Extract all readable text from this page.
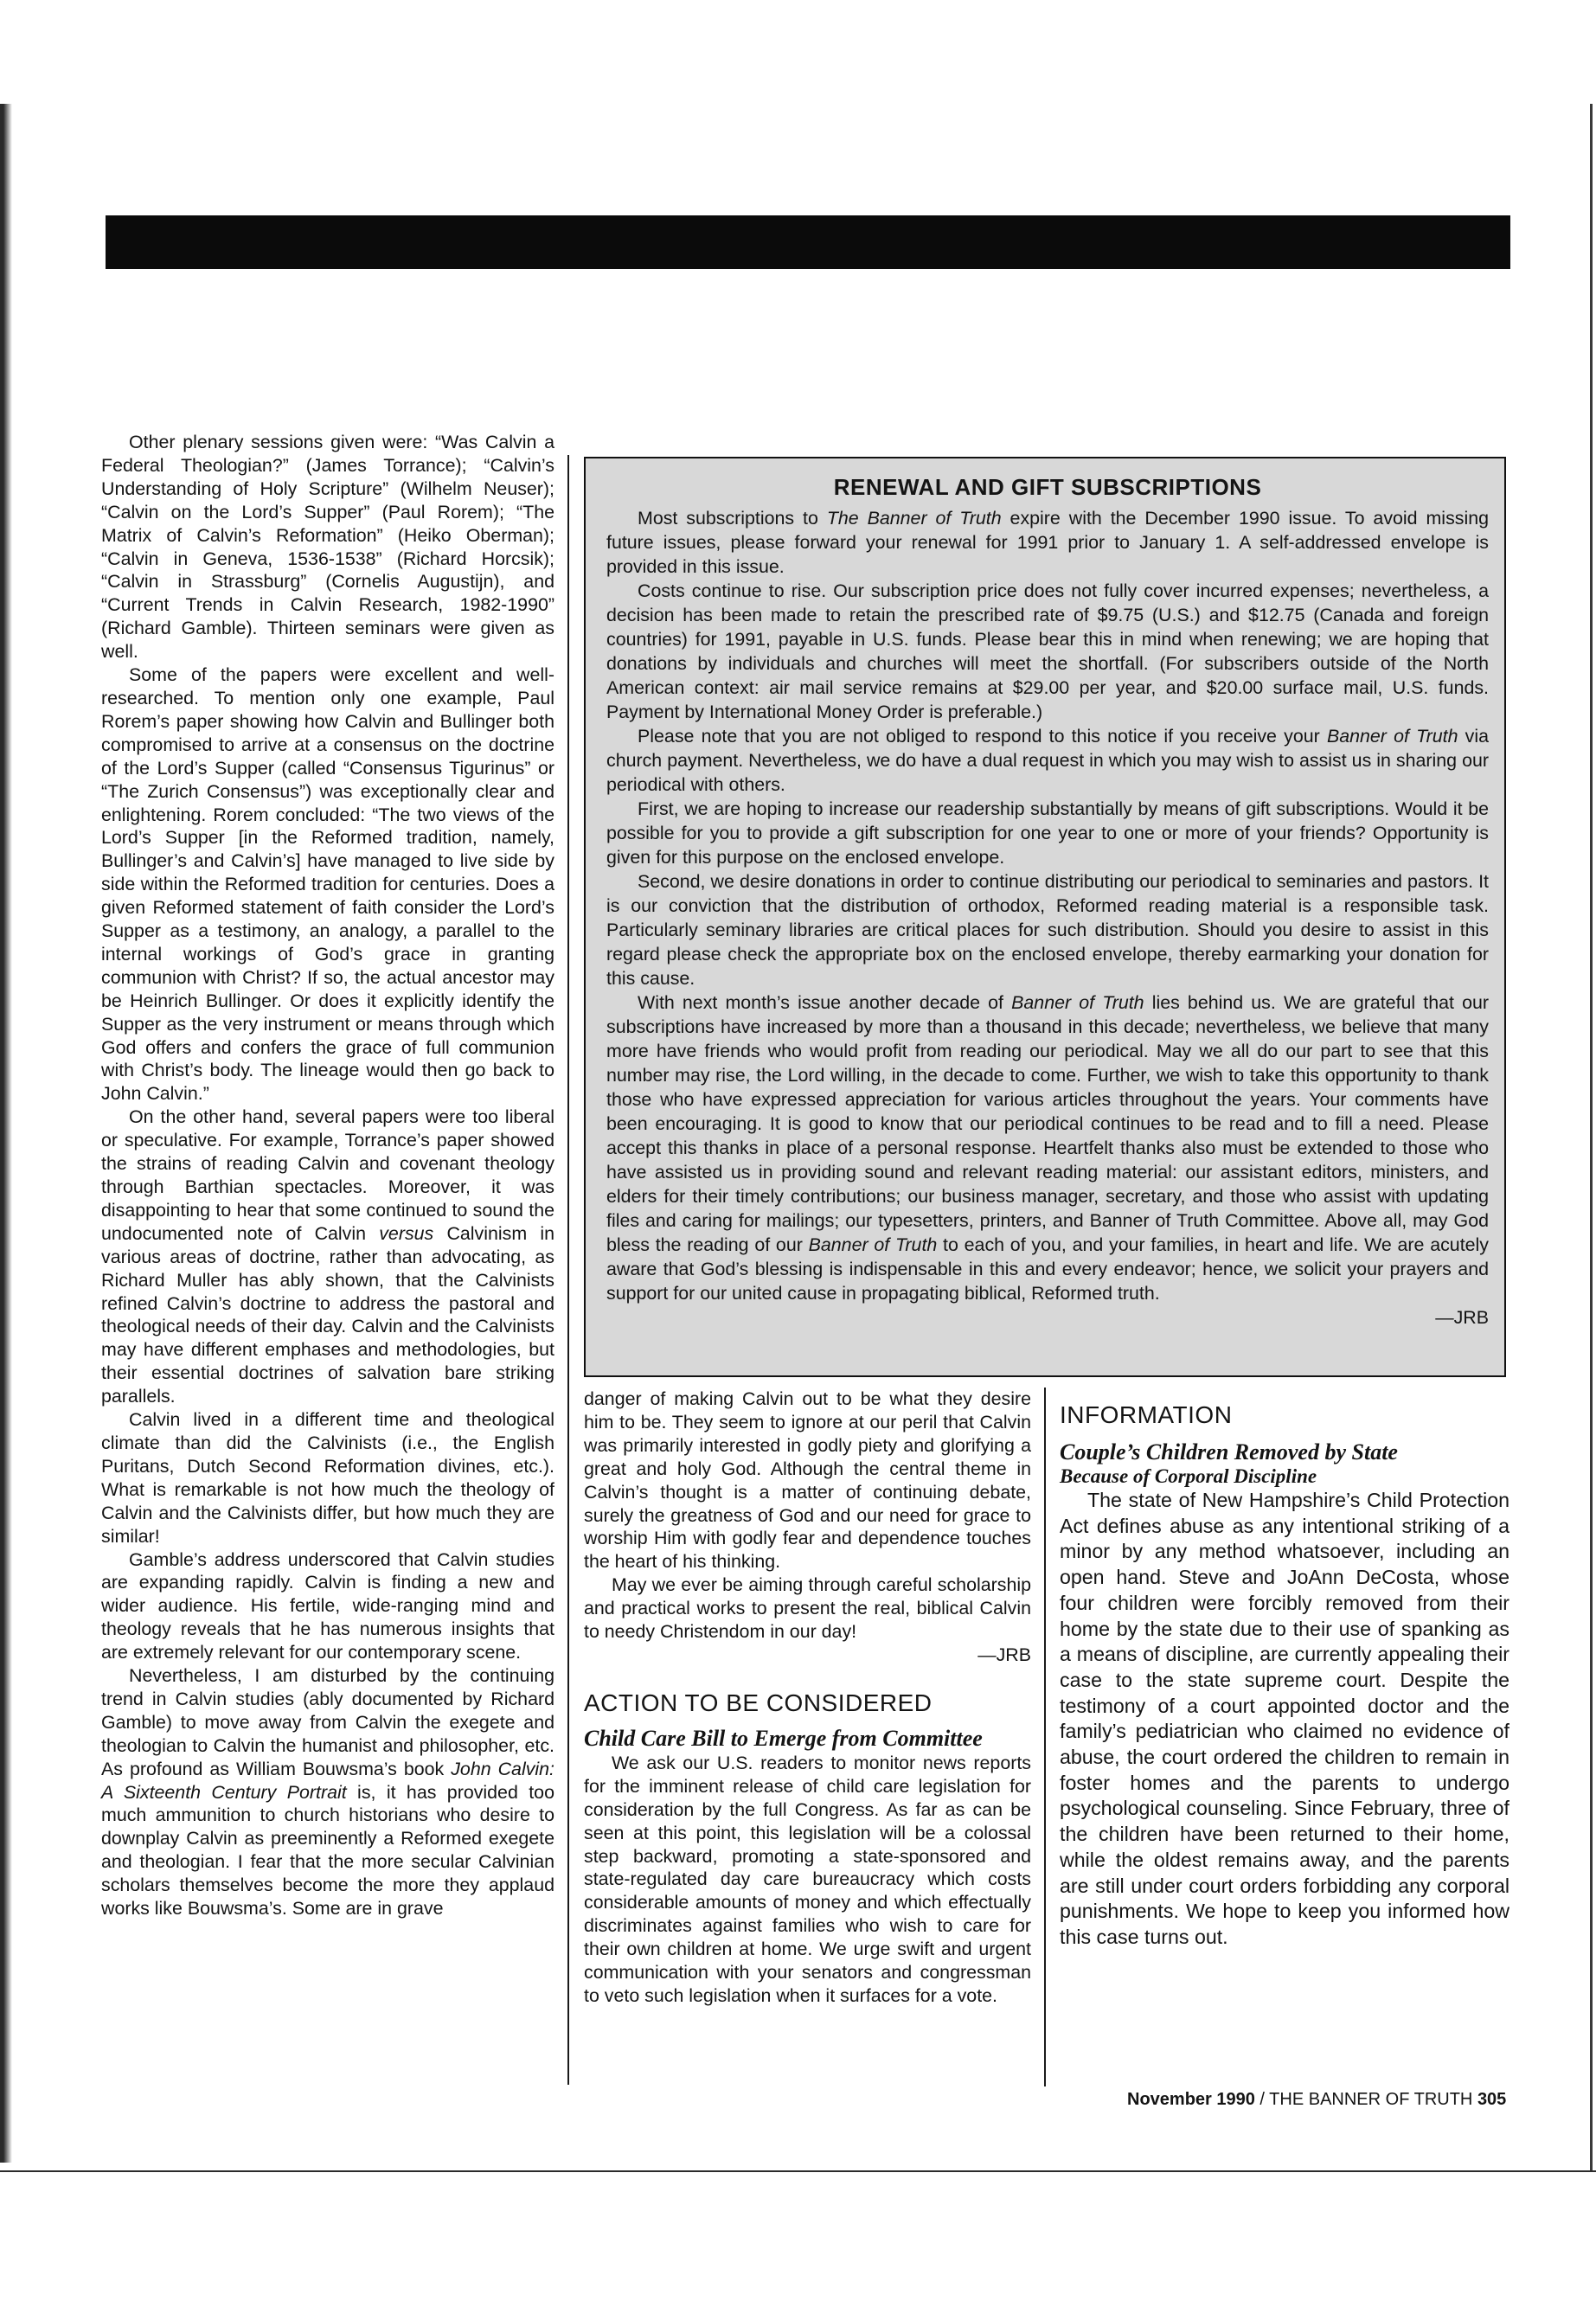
Other plenary sessions given were: “Was Calvin a Federal Theologian?” (James Torrance); “Calvin’s Understanding of Holy Scripture” (Wilhelm Neuser); “Calvin on the Lord’s Supper” (Paul Rorem); “The Matrix of Calvin’s Reformation” (Heiko Oberman); “Calvin in Geneva, 1536-1538” (Richard Horcsik); “Calvin in Strassburg” (Cornelis Augustijn), and “Current Trends in Calvin Research, 1982-1990” (Richard Gamble). Thirteen seminars were given as well.

Some of the papers were excellent and well-researched. To mention only one example, Paul Rorem’s paper showing how Calvin and Bullinger both compromised to arrive at a consensus on the doctrine of the Lord’s Supper (called “Consensus Tigurinus” or “The Zurich Consensus”) was exceptionally clear and enlightening. Rorem concluded: “The two views of the Lord’s Supper [in the Reformed tradition, namely, Bullinger’s and Calvin’s] have managed to live side by side within the Reformed tradition for centuries. Does a given Reformed statement of faith consider the Lord’s Supper as a testimony, an analogy, a parallel to the internal workings of God’s grace in granting communion with Christ? If so, the actual ancestor may be Heinrich Bullinger. Or does it explicitly identify the Supper as the very instrument or means through which God offers and confers the grace of full communion with Christ’s body. The lineage would then go back to John Calvin.”

On the other hand, several papers were too liberal or speculative. For example, Torrance’s paper showed the strains of reading Calvin and covenant theology through Barthian spectacles. Moreover, it was disappointing to hear that some continued to sound the undocumented note of Calvin versus Calvinism in various areas of doctrine, rather than advocating, as Richard Muller has ably shown, that the Calvinists refined Calvin’s doctrine to address the pastoral and theological needs of their day. Calvin and the Calvinists may have different emphases and methodologies, but their essential doctrines of salvation bare striking parallels.

Calvin lived in a different time and theological climate than did the Calvinists (i.e., the English Puritans, Dutch Second Reformation divines, etc.). What is remarkable is not how much the theology of Calvin and the Calvinists differ, but how much they are similar!

Gamble’s address underscored that Calvin studies are expanding rapidly. Calvin is finding a new and wider audience. His fertile, wide-ranging mind and theology reveals that he has numerous insights that are extremely relevant for our contemporary scene.

Nevertheless, I am disturbed by the continuing trend in Calvin studies (ably documented by Richard Gamble) to move away from Calvin the exegete and theologian to Calvin the humanist and philosopher, etc. As profound as William Bouwsma’s book John Calvin: A Sixteenth Century Portrait is, it has provided too much ammunition to church historians who desire to downplay Calvin as preeminently a Reformed exegete and theologian. I fear that the more secular Calvinian scholars themselves become the more they applaud works like Bouwsma’s. Some are in grave

RENEWAL AND GIFT SUBSCRIPTIONS

Most subscriptions to The Banner of Truth expire with the December 1990 issue. To avoid missing future issues, please forward your renewal for 1991 prior to January 1. A self-addressed envelope is provided in this issue.

Costs continue to rise. Our subscription price does not fully cover incurred expenses; nevertheless, a decision has been made to retain the prescribed rate of $9.75 (U.S.) and $12.75 (Canada and foreign countries) for 1991, payable in U.S. funds. Please bear this in mind when renewing; we are hoping that donations by individuals and churches will meet the shortfall. (For subscribers outside of the North American context: air mail service remains at $29.00 per year, and $20.00 surface mail, U.S. funds. Payment by International Money Order is preferable.)

Please note that you are not obliged to respond to this notice if you receive your Banner of Truth via church payment. Nevertheless, we do have a dual request in which you may wish to assist us in sharing our periodical with others.

First, we are hoping to increase our readership substantially by means of gift subscriptions. Would it be possible for you to provide a gift subscription for one year to one or more of your friends? Opportunity is given for this purpose on the enclosed envelope.

Second, we desire donations in order to continue distributing our periodical to seminaries and pastors. It is our conviction that the distribution of orthodox, Reformed reading material is a responsible task. Particularly seminary libraries are critical places for such distribution. Should you desire to assist in this regard please check the appropriate box on the enclosed envelope, thereby earmarking your donation for this cause.

With next month’s issue another decade of Banner of Truth lies behind us. We are grateful that our subscriptions have increased by more than a thousand in this decade; nevertheless, we believe that many more have friends who would profit from reading our periodical. May we all do our part to see that this number may rise, the Lord willing, in the decade to come. Further, we wish to take this opportunity to thank those who have expressed appreciation for various articles throughout the years. Your comments have been encouraging. It is good to know that our periodical continues to be read and to fill a need. Please accept this thanks in place of a personal response. Heartfelt thanks also must be extended to those who have assisted us in providing sound and relevant reading material: our assistant editors, ministers, and elders for their timely contributions; our business manager, secretary, and those who assist with updating files and caring for mailings; our typesetters, printers, and Banner of Truth Committee. Above all, may God bless the reading of our Banner of Truth to each of you, and your families, in heart and life. We are acutely aware that God’s blessing is indispensable in this and every endeavor; hence, we solicit your prayers and support for our united cause in propagating biblical, Reformed truth.

—JRB

danger of making Calvin out to be what they desire him to be. They seem to ignore at our peril that Calvin was primarily interested in godly piety and glorifying a great and holy God. Although the central theme in Calvin’s thought is a matter of continuing debate, surely the greatness of God and our need for grace to worship Him with godly fear and dependence touches the heart of his thinking.

May we ever be aiming through careful scholarship and practical works to present the real, biblical Calvin to needy Christendom in our day!

—JRB
ACTION TO BE CONSIDERED
Child Care Bill to Emerge from Committee

We ask our U.S. readers to monitor news reports for the imminent release of child care legislation for consideration by the full Congress. As far as can be seen at this point, this legislation will be a colossal step backward, promoting a state-sponsored and state-regulated day care bureaucracy which costs considerable amounts of money and which effectually discriminates against families who wish to care for their own children at home. We urge swift and urgent communication with your senators and congressman to veto such legislation when it surfaces for a vote.

INFORMATION
Couple’s Children Removed by State
Because of Corporal Discipline

The state of New Hampshire’s Child Protection Act defines abuse as any intentional striking of a minor by any method whatsoever, including an open hand. Steve and JoAnn DeCosta, whose four children were forcibly removed from their home by the state due to their use of spanking as a means of discipline, are currently appealing their case to the state supreme court. Despite the testimony of a court appointed doctor and the family’s pediatrician who claimed no evidence of abuse, the court ordered the children to remain in foster homes and the parents to undergo psychological counseling. Since February, three of the children have been returned to their home, while the oldest remains away, and the parents are still under court orders forbidding any corporal punishments. We hope to keep you informed how this case turns out.

November 1990 / THE BANNER OF TRUTH 305
